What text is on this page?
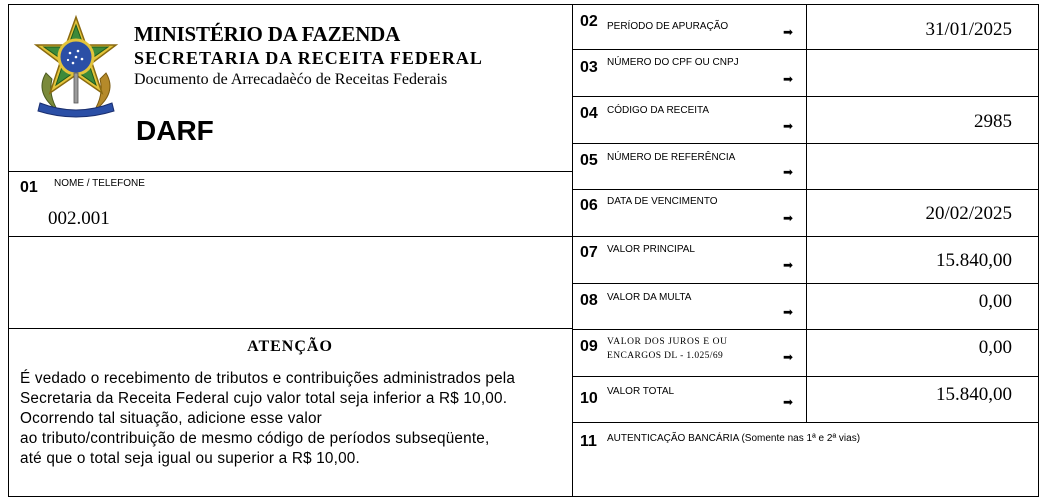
MINISTÉRIO DA FAZENDA
SECRETARIA DA RECEITA FEDERAL
Documento de Arrecadaèćo de Receitas Federais
DARF
01 NOME / TELEFONE
002.001
ATENÇÃO
É vedado o recebimento de tributos e contribuições administrados pela
Secretaria da Receita Federal cujo valor total seja inferior a R$ 10,00.
Ocorrendo tal situação, adicione esse valor
ao tributo/contribuição de mesmo código de períodos subseqüente,
até que o total seja igual ou superior a R$ 10,00.
02 PERÍODO DE APURAÇÃO	➡	31/01/2025
03 NÚMERO DO CPF OU CNPJ
➡
04 CÓDIGO DA RECEITA
➡	2985
05 NÚMERO DE REFERÊNCIA
➡
06 DATA DE VENCIMENTO
➡	20/02/2025
07 VALOR PRINCIPAL
➡	15.840,00
08 VALOR DA MULTA
➡	0,00
09 VALOR DOS JUROS E OU
ENCARGOS DL - 1.025/69	➡	0,00
10 VALOR TOTAL
➡	15.840,00
11 AUTENTICAÇÃO BANCÁRIA (Somente nas 1ª e 2ª vias)
